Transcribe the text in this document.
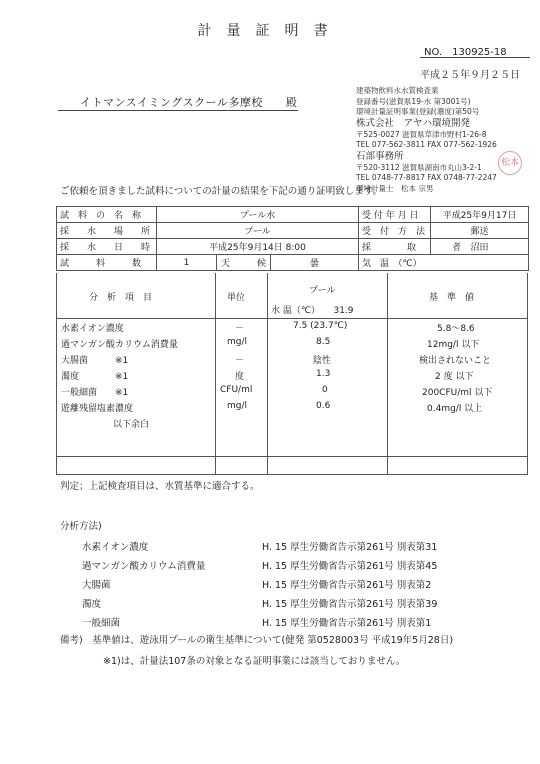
計量証明書
NO.　130925-18
平成２５年９月２５日
イトマンスイミングスクール多摩校　　殿
建築物飲料水水質検査業
登録番号(滋賀県19-水 第3001号)
環境計量証明事業(登録(濃度)第50号
株式会社　アヤハ環境開発
〒525-0027 滋賀県草津市野村1-26-8
TEL 077-562-3811 FAX 077-562-1926
石部事務所
〒520-3112 滋賀県湖南市丸山3-2-1
TEL 0748-77-8817 FAX 0748-77-2247
環境計量士　松本 宗男
松本
ご依頼を頂きました試料についての計量の結果を下記の通り証明致します。
試　料　の　名　称	プール水			受 付 年 月 日	平成25年9月17日
採　　水　　場　　所	プール			受　付　方　法	郵送
採　　水　　日　　時	平成25年9月14日 8:00			採　　　　取　　　　者	沼田
試　　　料　　　数	1	天　　　候	曇	気　温　（℃）	
分　析　項　目	単位
プール
水 温（℃）　　31.9
基　準　値
水素イオン濃度	－	7.5 (23.7℃)	5.8～8.6
過マンガン酸カリウム消費量	mg/l	8.5	12mg/l 以下
大腸菌　　　※1	－	陰性	検出されないこと
濁度　　　　※1	度	1.3	2 度 以下
一般細菌　　※1	CFU/ml	0	200CFU/ml 以下
遊離残留塩素濃度	mg/l	0.6	0.4mg/l 以上
以下余白
判定；上記検査項目は、水質基準に適合する。
分析方法)
水素イオン濃度	H. 15 厚生労働省告示第261号 別表第31
過マンガン酸カリウム消費量	H. 15 厚生労働省告示第261号 別表第45
大腸菌	H. 15 厚生労働省告示第261号 別表第2
濁度	H. 15 厚生労働省告示第261号 別表第39
一般細菌	H. 15 厚生労働省告示第261号 別表第1
備考)　基準値は、遊泳用プールの衛生基準について(健発 第0528003号 平成19年5月28日)
※1)は、計量法107条の対象となる証明事業には該当しておりません。
